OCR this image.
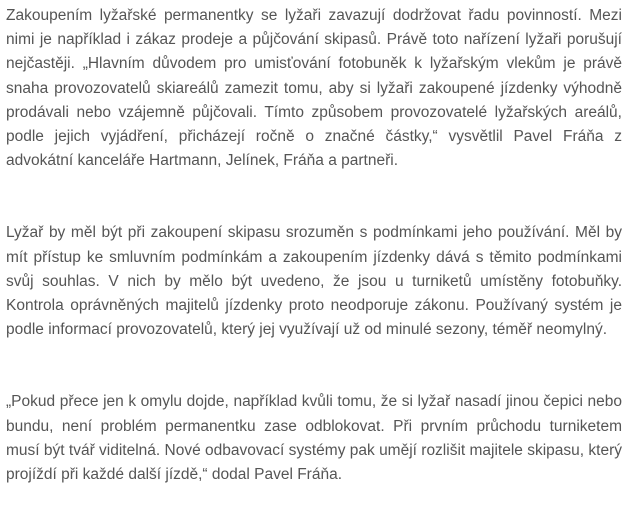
Zakoupením lyžařské permanentky se lyžaři zavazují dodržovat řadu povinností. Mezi nimi je například i zákaz prodeje a půjčování skipasů. Právě toto nařízení lyžaři porušují nejčastěji. „Hlavním důvodem pro umisťování fotobuněk k lyžařským vlekům je právě snaha provozovatelů skiareálů zamezit tomu, aby si lyžaři zakoupené jízdenky výhodně prodávali nebo vzájemně půjčovali. Tímto způsobem provozovatelé lyžařských areálů, podle jejich vyjádření, přicházejí ročně o značné částky,“ vysvětlil Pavel Fráňa z advokátní kanceláře Hartmann, Jelínek, Fráňa a partneři.

Lyžař by měl být při zakoupení skipasu srozuměn s podmínkami jeho používání. Měl by mít přístup ke smluvním podmínkám a zakoupením jízdenky dává s těmito podmínkami svůj souhlas. V nich by mělo být uvedeno, že jsou u turniketů umístěny fotobuňky. Kontrola oprávněných majitelů jízdenky proto neodporuje zákonu. Používaný systém je podle informací provozovatelů, který jej využívají už od minulé sezony, téměř neomylný.

„Pokud přece jen k omylu dojde, například kvůli tomu, že si lyžař nasadí jinou čepici nebo bundu, není problém permanentku zase odblokovat. Při prvním průchodu turniketem musí být tvář viditelná. Nové odbavovací systémy pak umějí rozlišit majitele skipasu, který projíždí při každé další jízdě,“ dodal Pavel Fráňa.
